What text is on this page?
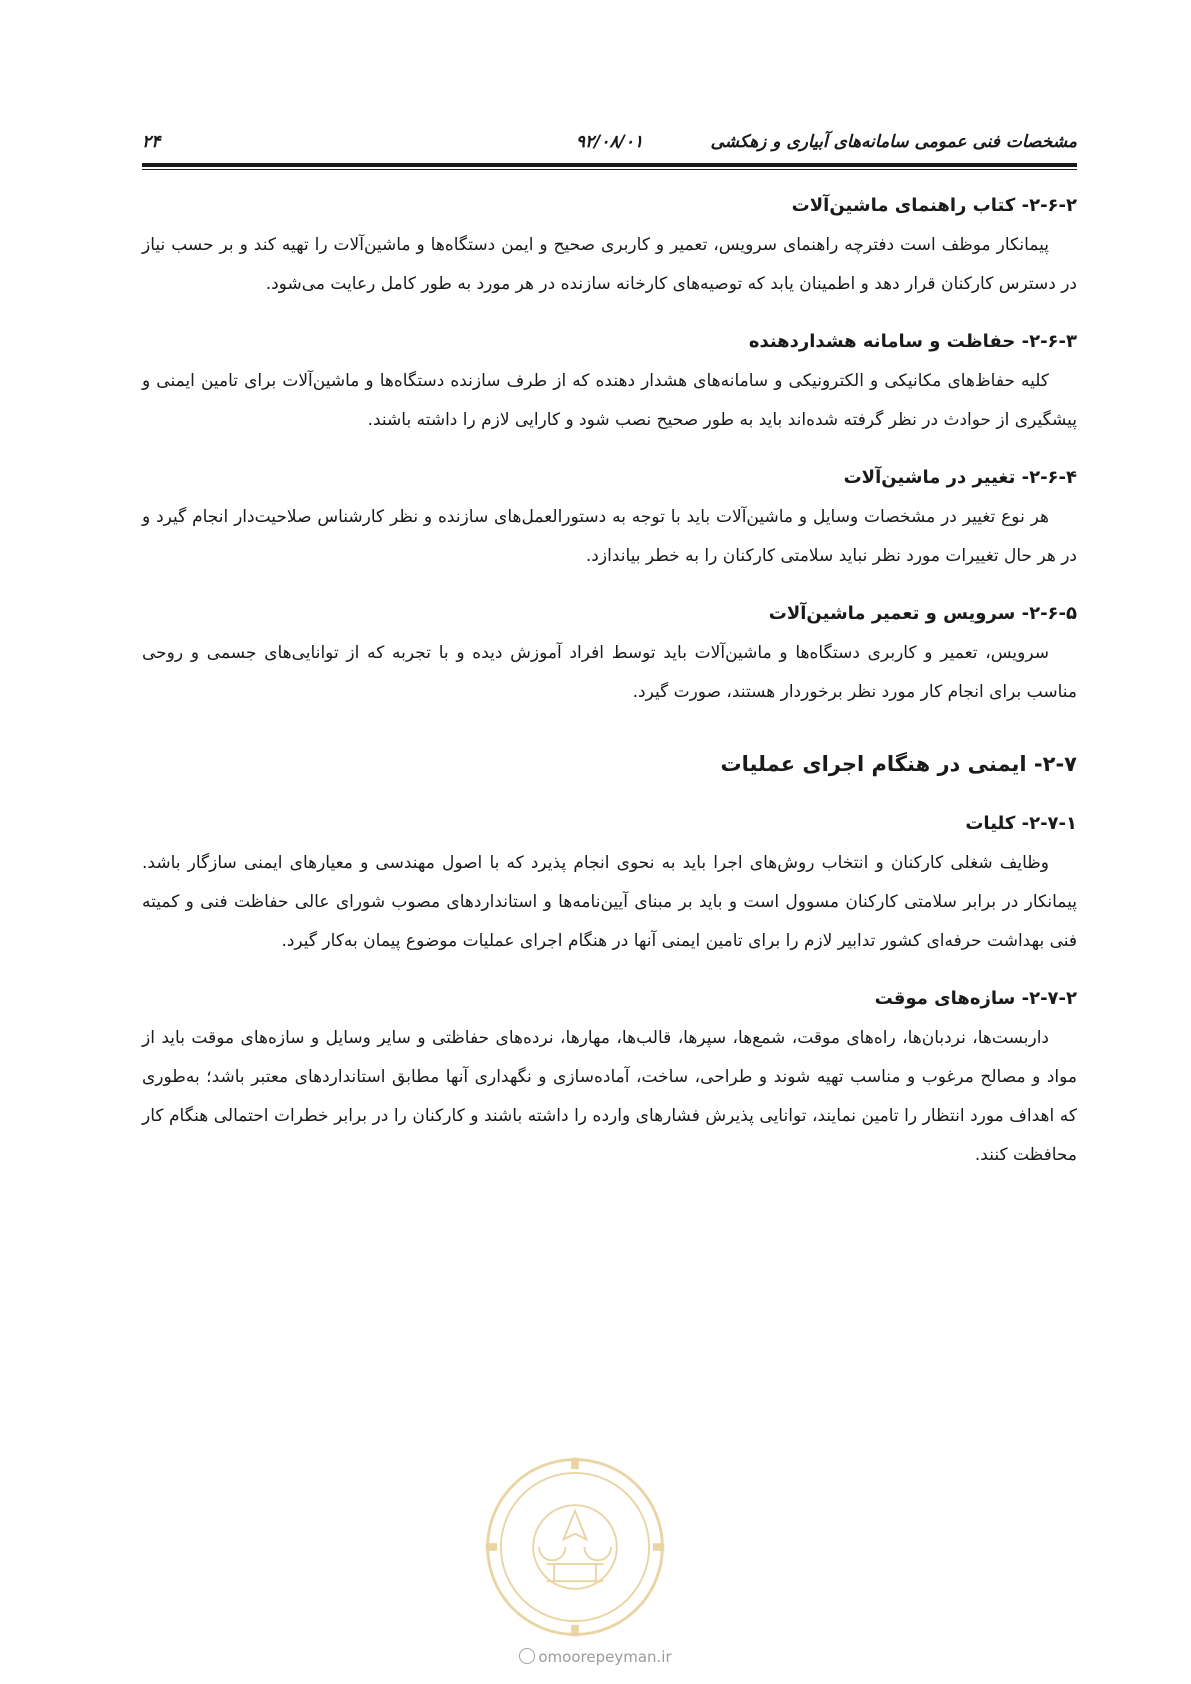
مشخصات فنی عمومی سامانه‌های آبیاری و زهکشی
۹۲/۰۸/۰۱
۲۴
۲-۶-۲- کتاب راهنمای ماشین‌آلات

پیمانکار موظف است دفترچه راهنمای سرویس، تعمیر و کاربری صحیح و ایمن دستگاه‌ها و ماشین‌آلات را تهیه کند و بر حسب نیاز در دسترس کارکنان قرار دهد و اطمینان یابد که توصیه‌های کارخانه سازنده در هر مورد به طور کامل رعایت می‌شود.

۲-۶-۳- حفاظت و سامانه هشداردهنده

کلیه حفاظ‌های مکانیکی و الکترونیکی و سامانه‌های هشدار دهنده که از طرف سازنده دستگاه‌ها و ماشین‌آلات برای تامین ایمنی و پیشگیری از حوادث در نظر گرفته شده‌اند باید به طور صحیح نصب شود و کارایی لازم را داشته باشند.

۲-۶-۴- تغییر در ماشین‌آلات

هر نوع تغییر در مشخصات وسایل و ماشین‌آلات باید با توجه به دستورالعمل‌های سازنده و نظر کارشناس صلاحیت‌دار انجام گیرد و در هر حال تغییرات مورد نظر نباید سلامتی کارکنان را به خطر بیاندازد.

۲-۶-۵- سرویس و تعمیر ماشین‌آلات

سرویس، تعمیر و کاربری دستگاه‌ها و ماشین‌آلات باید توسط افراد آموزش دیده و با تجربه که از توانایی‌های جسمی و روحی مناسب برای انجام کار مورد نظر برخوردار هستند، صورت گیرد.

۲-۷- ایمنی در هنگام اجرای عملیات
۲-۷-۱- کلیات

وظایف شغلی کارکنان و انتخاب روش‌های اجرا باید به نحوی انجام پذیرد که با اصول مهندسی و معیارهای ایمنی سازگار باشد. پیمانکار در برابر سلامتی کارکنان مسوول است و باید بر مبنای آیین‌نامه‌ها و استانداردهای مصوب شورای عالی حفاظت فنی و کمیته فنی بهداشت حرفه‌ای کشور تدابیر لازم را برای تامین ایمنی آنها در هنگام اجرای عملیات موضوع پیمان به‌کار گیرد.

۲-۷-۲- سازه‌های موقت

داربست‌ها، نردبان‌ها، راه‌های موقت، شمع‌ها، سپرها، قالب‌ها، مهارها، نرده‌های حفاظتی و سایر وسایل و سازه‌های موقت باید از مواد و مصالح مرغوب و مناسب تهیه شوند و طراحی، ساخت، آماده‌سازی و نگهداری آنها مطابق استانداردهای معتبر باشد؛ به‌طوری که اهداف مورد انتظار را تامین نمایند، توانایی پذیرش فشارهای وارده را داشته باشند و کارکنان را در برابر خطرات احتمالی هنگام کار محافظت کنند.

omoorepeyman.ir
